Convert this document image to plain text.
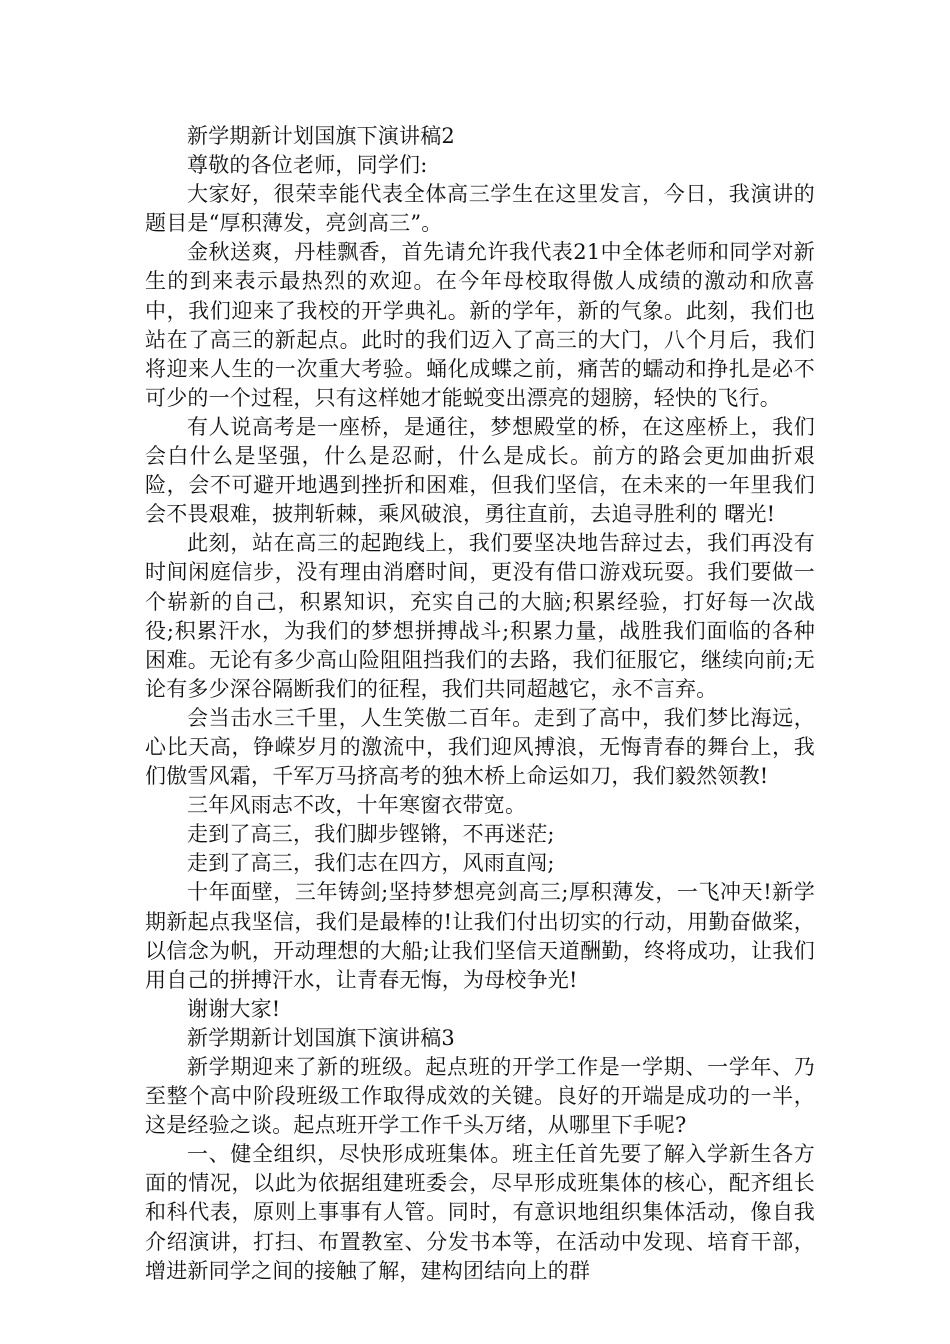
新学期新计划国旗下演讲稿2

尊敬的各位老师，同学们:

大家好，很荣幸能代表全体高三学生在这里发言，今日，我演讲的题目是“厚积薄发，亮剑高三”。

金秋送爽，丹桂飘香，首先请允许我代表21中全体老师和同学对新生的到来表示最热烈的欢迎。在今年母校取得傲人成绩的激动和欣喜中，我们迎来了我校的开学典礼。新的学年，新的气象。此刻，我们也站在了高三的新起点。此时的我们迈入了高三的大门，八个月后，我们将迎来人生的一次重大考验。蛹化成蝶之前，痛苦的蠕动和挣扎是必不可少的一个过程，只有这样她才能蜕变出漂亮的翅膀，轻快的飞行。

有人说高考是一座桥，是通往，梦想殿堂的桥，在这座桥上，我们会白什么是坚强，什么是忍耐，什么是成长。前方的路会更加曲折艰险，会不可避开地遇到挫折和困难，但我们坚信，在未来的一年里我们会不畏艰难，披荆斩棘，乘风破浪，勇往直前，去追寻胜利的 曙光!

此刻，站在高三的起跑线上，我们要坚决地告辞过去，我们再没有时间闲庭信步，没有理由消磨时间，更没有借口游戏玩耍。我们要做一个崭新的自己，积累知识，充实自己的大脑;积累经验，打好每一次战役;积累汗水，为我们的梦想拼搏战斗;积累力量，战胜我们面临的各种困难。无论有多少高山险阻阻挡我们的去路，我们征服它，继续向前;无论有多少深谷隔断我们的征程，我们共同超越它，永不言弃。

会当击水三千里，人生笑傲二百年。走到了高中，我们梦比海远，心比天高，铮嵘岁月的激流中，我们迎风搏浪，无悔青春的舞台上，我们傲雪风霜，千军万马挤高考的独木桥上命运如刀，我们毅然领教!

三年风雨志不改，十年寒窗衣带宽。

走到了高三，我们脚步铿锵，不再迷茫;

走到了高三，我们志在四方，风雨直闯;

十年面壁，三年铸剑;坚持梦想亮剑高三;厚积薄发，一飞冲天!新学期新起点我坚信，我们是最棒的!让我们付出切实的行动，用勤奋做桨，以信念为帆，开动理想的大船;让我们坚信天道酬勤，终将成功，让我们用自己的拼搏汗水，让青春无悔，为母校争光!

谢谢大家!

新学期新计划国旗下演讲稿3

新学期迎来了新的班级。起点班的开学工作是一学期、一学年、乃至整个高中阶段班级工作取得成效的关键。良好的开端是成功的一半，这是经验之谈。起点班开学工作千头万绪，从哪里下手呢?

一、健全组织，尽快形成班集体。班主任首先要了解入学新生各方面的情况，以此为依据组建班委会，尽早形成班集体的核心，配齐组长和科代表，原则上事事有人管。同时，有意识地组织集体活动，像自我介绍演讲，打扫、布置教室、分发书本等，在活动中发现、培育干部，增进新同学之间的接触了解，建构团结向上的群
